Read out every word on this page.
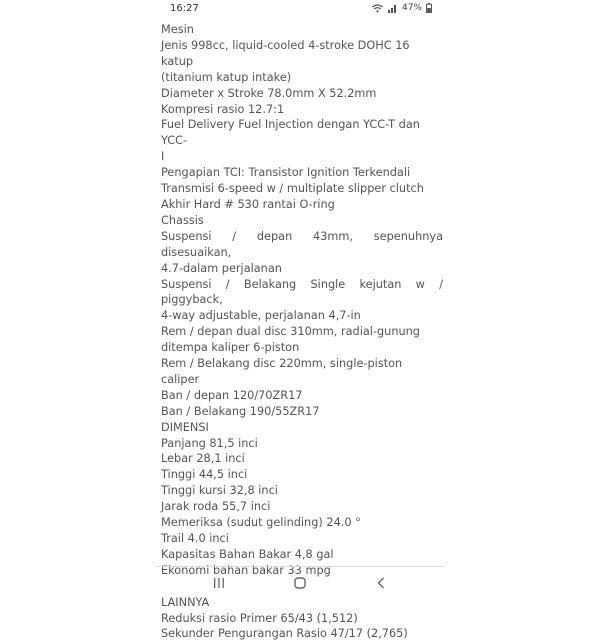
16:27	47%
Mesin
Jenis 998cc, liquid-cooled 4-stroke DOHC 16 katup
(titanium katup intake)
Diameter x Stroke 78.0mm X 52.2mm
Kompresi rasio 12.7:1
Fuel Delivery Fuel Injection dengan YCC-T dan YCC-
I
Pengapian TCI: Transistor Ignition Terkendali
Transmisi 6-speed w / multiplate slipper clutch
Akhir Hard # 530 rantai O-ring
Chassis
Suspensi / depan 43mm, sepenuhnya disesuaikan,
4.7-dalam perjalanan
Suspensi / Belakang Single kejutan w / piggyback,
4-way adjustable, perjalanan 4,7-in
Rem / depan dual disc 310mm, radial-gunung
ditempa kaliper 6-piston
Rem / Belakang disc 220mm, single-piston caliper
Ban / depan 120/70ZR17
Ban / Belakang 190/55ZR17
DIMENSI
Panjang 81,5 inci
Lebar 28,1 inci
Tinggi 44,5 inci
Tinggi kursi 32,8 inci
Jarak roda 55,7 inci
Memeriksa (sudut gelinding) 24.0 °
Trail 4.0 inci
Kapasitas Bahan Bakar 4,8 gal
Ekonomi bahan bakar 33 mpg
LAINNYA
Reduksi rasio Primer 65/43 (1,512)
Sekunder Pengurangan Rasio 47/17 (2,765)
